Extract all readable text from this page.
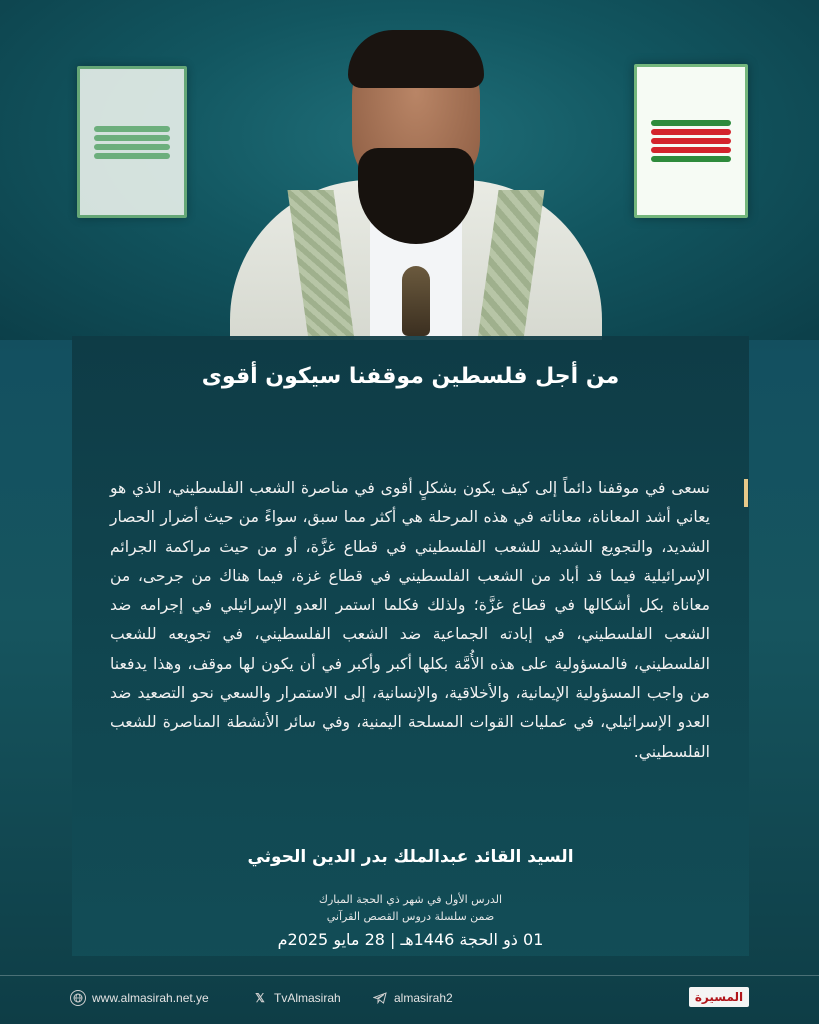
من أجل فلسطين موقفنا سيكون أقوى
نسعى في موقفنا دائماً إلى كيف يكون بشكلٍ أقوى في مناصرة الشعب الفلسطيني، الذي هو يعاني أشد المعاناة، معاناته في هذه المرحلة هي أكثر مما سبق، سواءً من حيث أضرار الحصار الشديد، والتجويع الشديد للشعب الفلسطيني في قطاع غزَّة، أو من حيث مراكمة الجرائم الإسرائيلية فيما قد أباد من الشعب الفلسطيني في قطاع غزة، فيما هناك من جرحى، من معاناة بكل أشكالها في قطاع غزَّة؛ ولذلك فكلما استمر العدو الإسرائيلي في إجرامه ضد الشعب الفلسطيني، في إبادته الجماعية ضد الشعب الفلسطيني، في تجويعه للشعب الفلسطيني، فالمسؤولية على هذه الأُمَّة بكلها أكبر وأكبر في أن يكون لها موقف، وهذا يدفعنا من واجب المسؤولية الإيمانية، والأخلاقية، والإنسانية، إلى الاستمرار والسعي نحو التصعيد ضد العدو الإسرائيلي، في عمليات القوات المسلحة اليمنية، وفي سائر الأنشطة المناصرة للشعب الفلسطيني.
السيد القائد عبدالملك بدر الدين الحوثي
الدرس الأول في شهر ذي الحجة المبارك
ضمن سلسلة دروس القصص القرآني
01 ذو الحجة 1446هـ | 28 مايو 2025م
www.almasirah.net.ye	𝕏 TvAlmasirah	almasirah2	المسيرة
